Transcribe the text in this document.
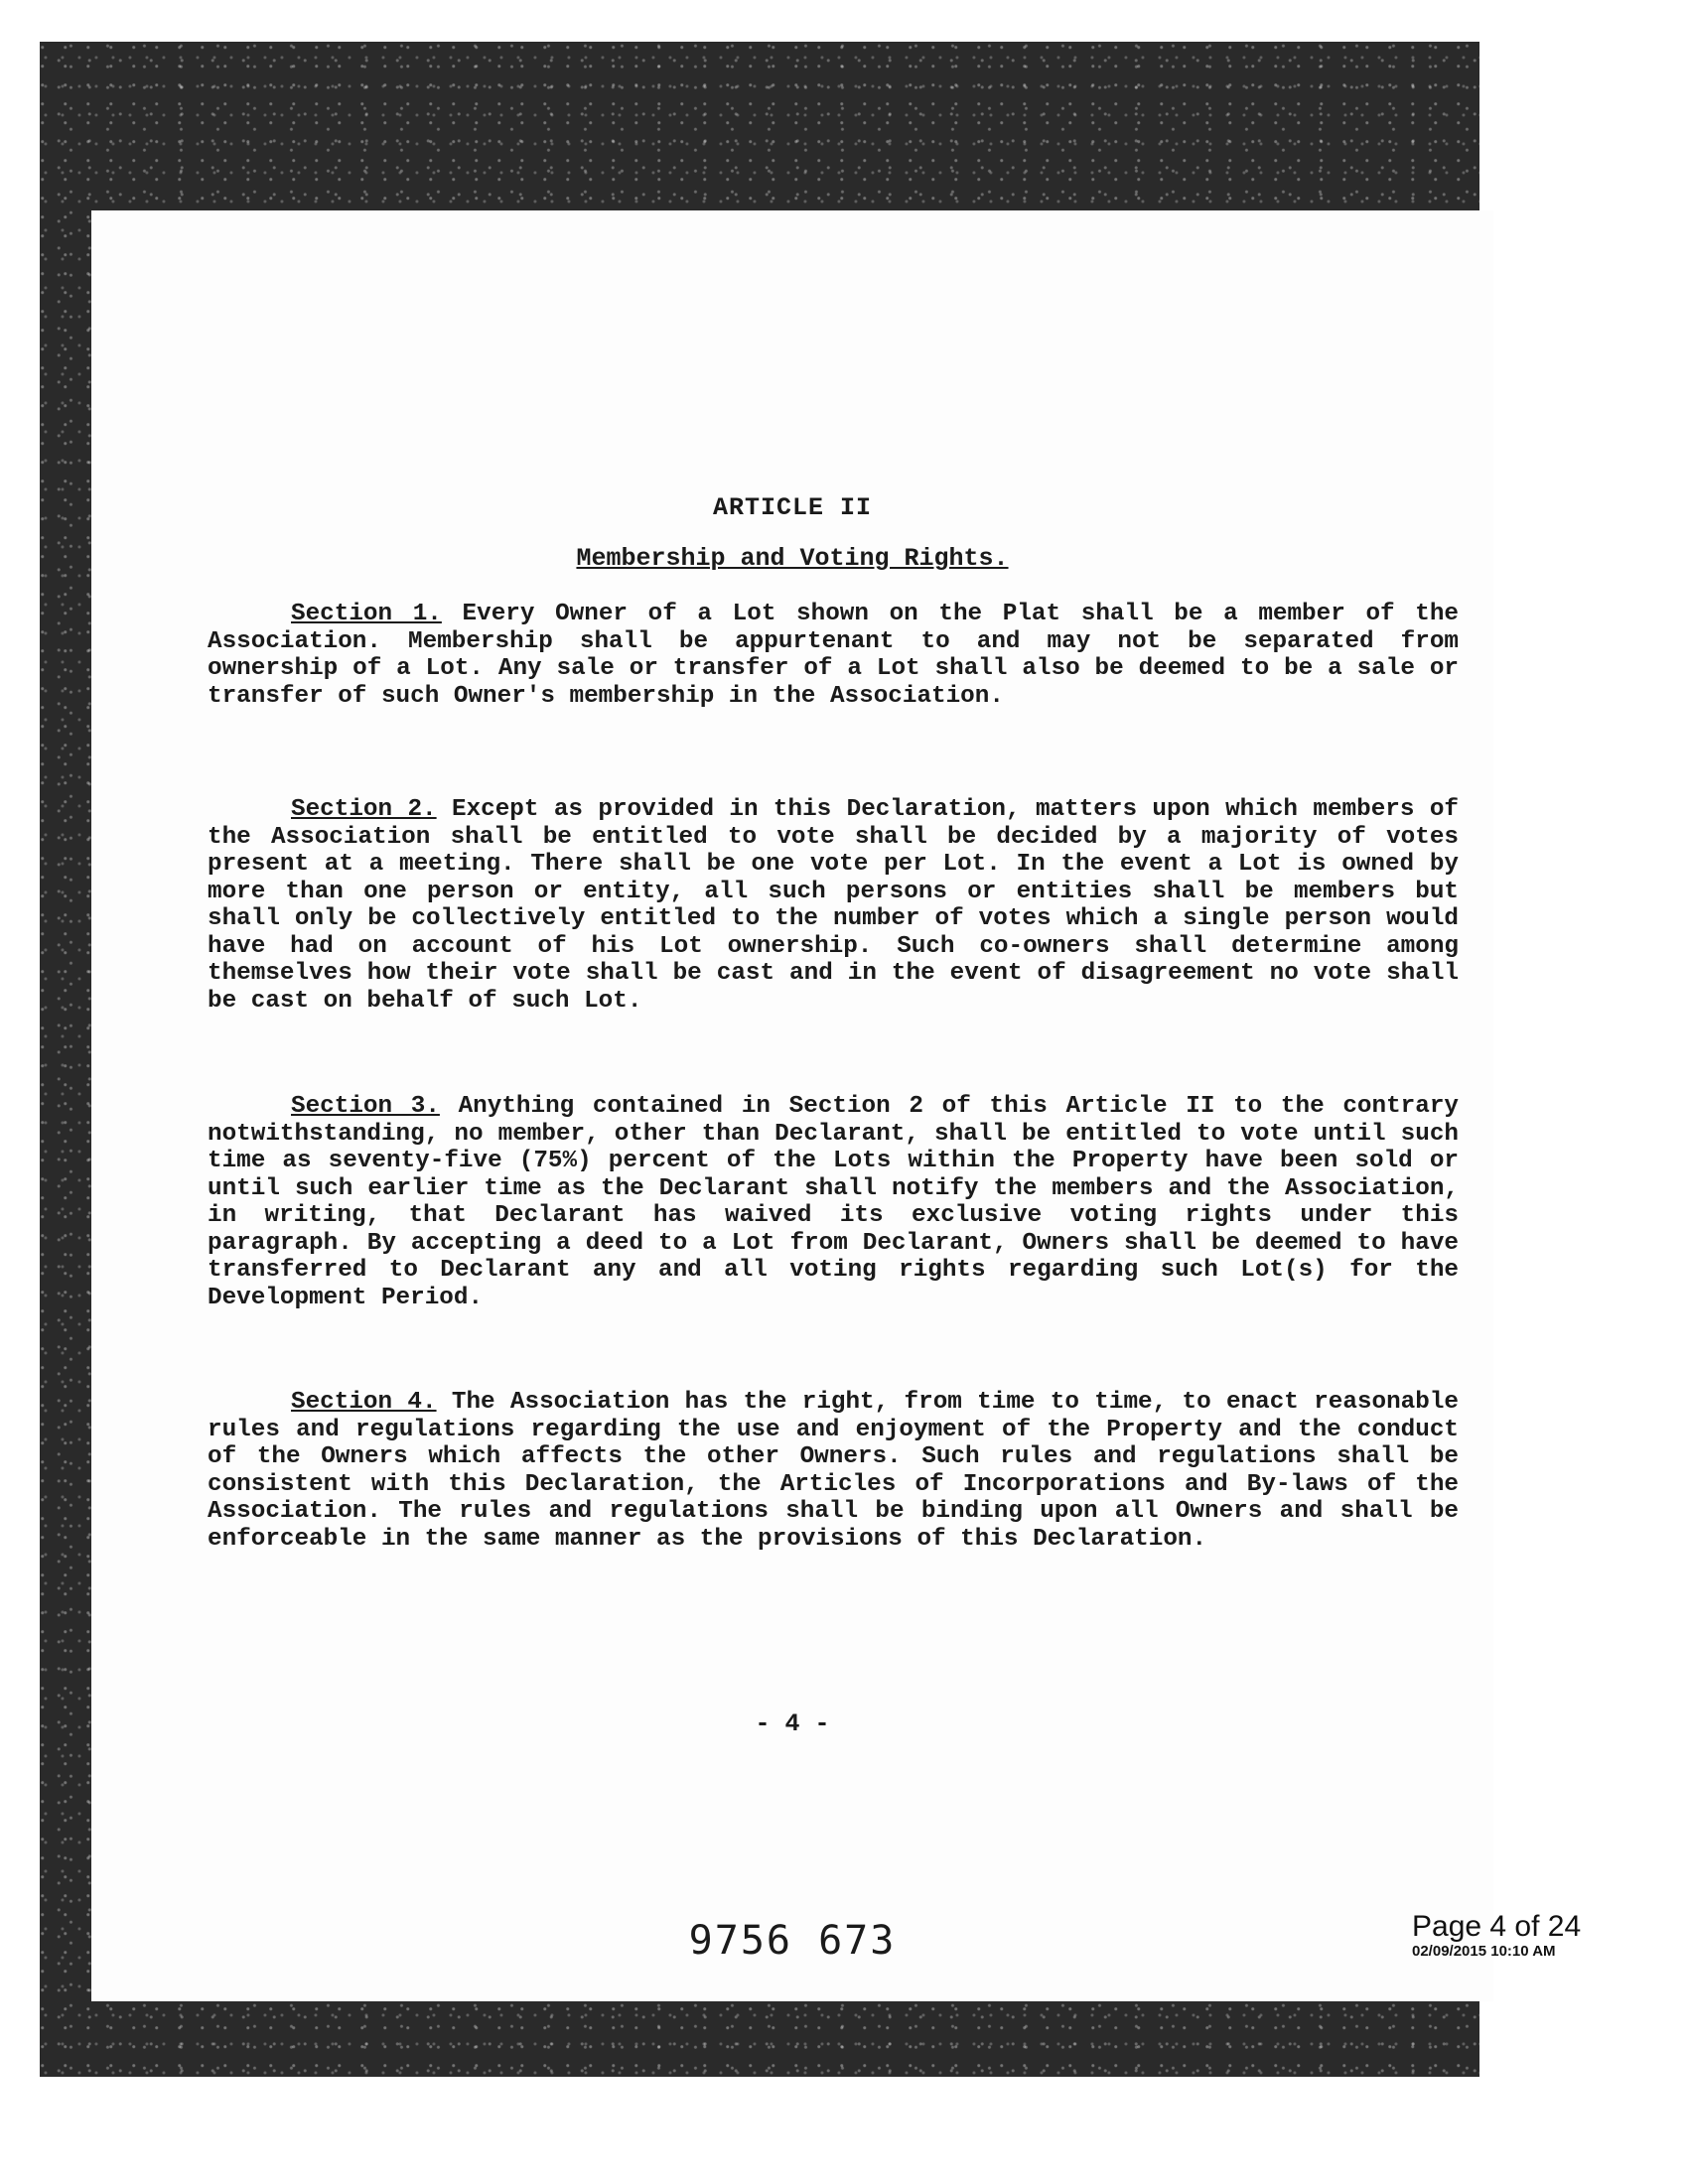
ARTICLE II

Membership and Voting Rights.

Section 1. Every Owner of a Lot shown on the Plat shall be a member of the Association. Membership shall be appurtenant to and may not be separated from ownership of a Lot. Any sale or transfer of a Lot shall also be deemed to be a sale or transfer of such Owner's membership in the Association.

Section 2. Except as provided in this Declaration, matters upon which members of the Association shall be entitled to vote shall be decided by a majority of votes present at a meeting. There shall be one vote per Lot. In the event a Lot is owned by more than one person or entity, all such persons or entities shall be members but shall only be collectively entitled to the number of votes which a single person would have had on account of his Lot ownership. Such co-owners shall determine among themselves how their vote shall be cast and in the event of disagreement no vote shall be cast on behalf of such Lot.

Section 3. Anything contained in Section 2 of this Article II to the contrary notwithstanding, no member, other than Declarant, shall be entitled to vote until such time as seventy-five (75%) percent of the Lots within the Property have been sold or until such earlier time as the Declarant shall notify the members and the Association, in writing, that Declarant has waived its exclusive voting rights under this paragraph. By accepting a deed to a Lot from Declarant, Owners shall be deemed to have transferred to Declarant any and all voting rights regarding such Lot(s) for the Development Period.

Section 4. The Association has the right, from time to time, to enact reasonable rules and regulations regarding the use and enjoyment of the Property and the conduct of the Owners which affects the other Owners. Such rules and regulations shall be consistent with this Declaration, the Articles of Incorporations and By-laws of the Association. The rules and regulations shall be binding upon all Owners and shall be enforceable in the same manner as the provisions of this Declaration.

- 4 -

9756 673	Page 4 of 24
02/09/2015 10:10 AM
